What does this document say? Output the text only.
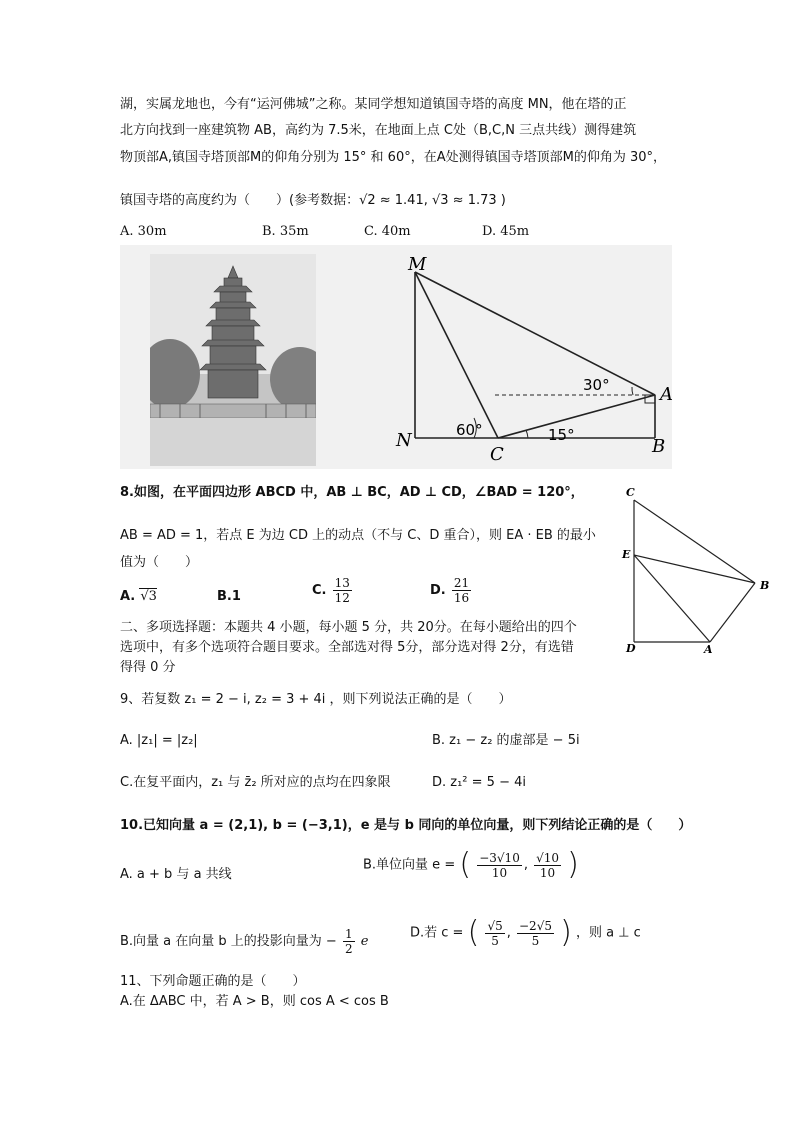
湖，实属龙地也，今有“运河佛城”之称。某同学想知道镇国寺塔的高度 MN，他在塔的正
北方向找到一座建筑物 AB，高约为 7.5米，在地面上点 C处（B,C,N 三点共线）测得建筑
物顶部A,镇国寺塔顶部M的仰角分别为 15° 和 60°，在A处测得镇国寺塔顶部M的仰角为 30°，
镇国寺塔的高度约为（　　）(参考数据：√2 ≈ 1.41, √3 ≈ 1.73 )
A. 30m	B. 35m	C. 40m	D. 45m
M
A
N
C	B
30°
60°	15°
8.如图，在平面四边形 ABCD 中，AB ⊥ BC，AD ⊥ CD，∠BAD = 120°，
AB = AD = 1，若点 E 为边 CD 上的动点（不与 C、D 重合），则 EA · EB 的最小
值为（　　）
A. √3	B.1	C. $\frac{13}{12}$	D. $\frac{21}{16}$
C
E
B
D	A
二、多项选择题：本题共 4 小题，每小题 5 分，共 20分。在每小题给出的四个
选项中，有多个选项符合题目要求。全部选对得 5分，部分选对得 2分，有选错
得得 0 分
9、若复数 z₁ = 2 − i, z₂ = 3 + 4i ，则下列说法正确的是（　　）
A. |z₁| = |z₂|	B. z₁ − z₂ 的虚部是 − 5i
C.在复平面内，z₁ 与 z̄₂ 所对应的点均在四象限	D. z₁² = 5 − 4i
10.已知向量 a = (2,1), b = (−3,1)，e 是与 b 同向的单位向量，则下列结论正确的是（　　）
A. a + b 与 a 共线
B.单位向量 e = ( $\frac{-3√10}{10}$ , $\frac{√10}{10}$ )
B.向量 a 在向量 b 上的投影向量为 − $\frac{1}{2}$ e
D.若 c = ( $\frac{√5}{5}$ , $\frac{-2√5}{5}$ ) ，则 a ⊥ c
11、下列命题正确的是（　　）
A.在 ΔABC 中，若 A > B，则 cos A < cos B
